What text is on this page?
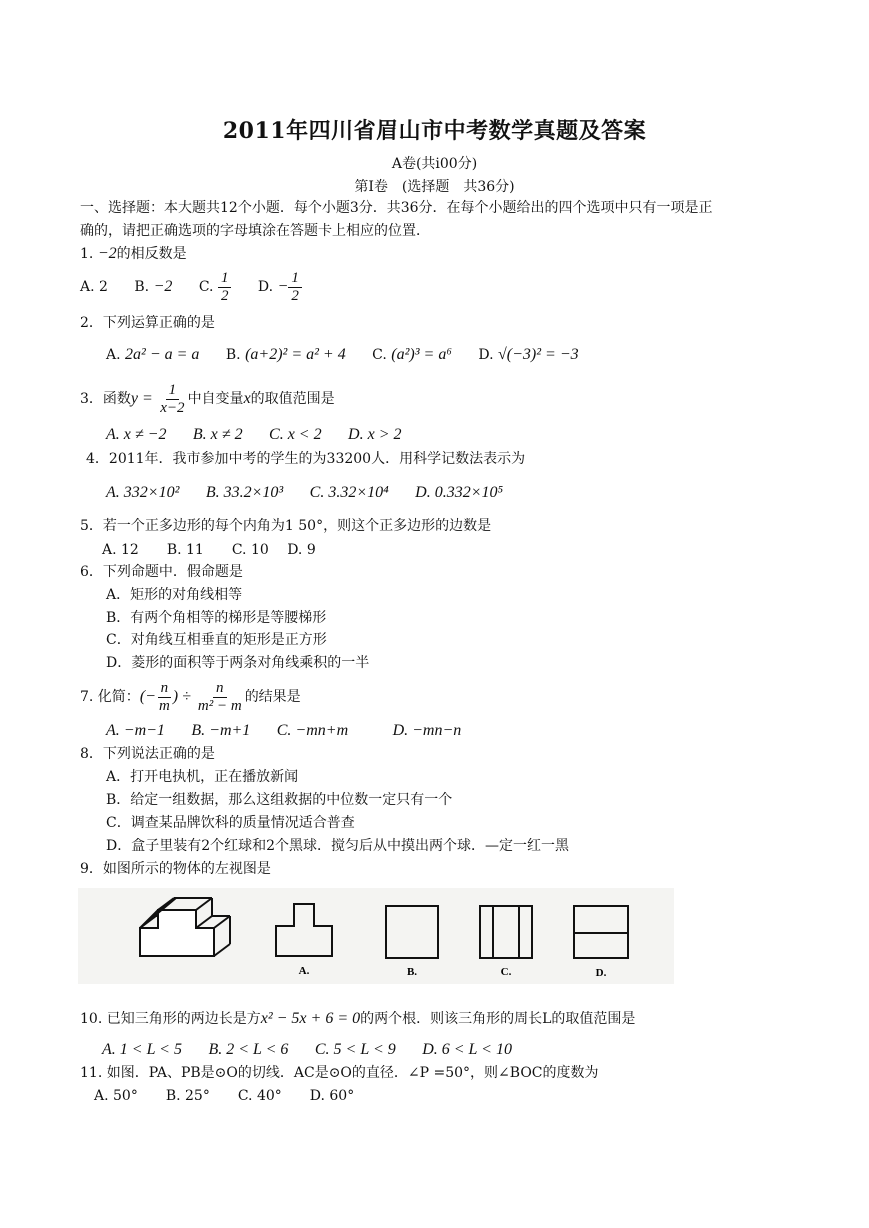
2011年四川省眉山市中考数学真题及答案
A卷(共i00分)
第Ⅰ卷　(选择题　共36分)
一、选择题：本大题共12个小题．每个小题3分．共36分．在每个小题给出的四个选项中只有一项是正
确的，请把正确选项的字母填涂在答题卡上相应的位置．
1. −2的相反数是
A. 2 B. −2 C. $\frac{1}{2} D$. − $\frac{1}{2}$
2．下列运算正确的是
A. 2a² − a = a B. (a+2)² = a² + 4 C. (a²)³ = a⁶ D. √(−3)² = −3
3．函数$y = \frac{1}{x-2}$ 中自变量x的取值范围是
A. x ≠ −2 B. x ≠ 2 C. x < 2 D. x > 2
4．2011年．我市参加中考的学生的为33200人．用科学记数法表示为
A. 332×10² B. 33.2×10³ C. 3.32×10⁴ D. 0.332×10⁵
5．若一个正多边形的每个内角为1 50°，则这个正多边形的边数是
A. 12　　B. 11　　C. 10　 D. 9
6．下列命题中．假命题是
A．矩形的对角线相等
B．有两个角相等的梯形是等腰梯形
C．对角线互相垂直的矩形是正方形
D．菱形的面积等于两条对角线乘积的一半
7. 化简：(− $\frac{n}{m}$ ) ÷ $\frac{n}{\text{m² − m}}$ 的结果是
A. −m−1 B. −m+1 C. −mn+m	D. −mn−n
8．下列说法正确的是
A．打开电执机，正在播放新闻
B．给定一组数据，那么这组救据的中位数一定只有一个
C．调查某品牌饮科的质量情况适合普查
D．盒子里装有2个红球和2个黑球．搅匀后从中摸出两个球．—定一红一黑
9．如图所示的物体的左视图是
A.	B.	C.	D.
10. 已知三角形的两边长是方x² − 5x + 6 = 0的两个根．则该三角形的周长L的取值范围是
A. 1 < L < 5 B. 2 < L < 6 C. 5 < L < 9 D. 6 < L < 10
11. 如图．PA、PB是⊙O的切线．AC是⊙O的直径．∠P =50°，则∠BOC的度数为
A. 50°　　B. 25°　　C. 40°　　D. 60°
